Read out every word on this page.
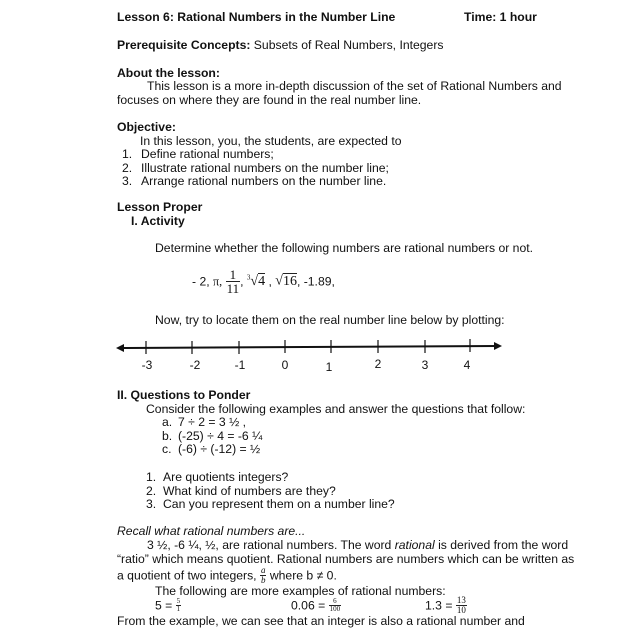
Lesson 6: Rational Numbers in the Number Line	Time: 1 hour
Prerequisite Concepts: Subsets of Real Numbers, Integers
About the lesson:
This lesson is a more in-depth discussion of the set of Rational Numbers and
focuses on where they are found in the real number line.
Objective:
In this lesson, you, the students, are expected to
1. Define rational numbers;
2. Illustrate rational numbers on the number line;
3. Arrange rational numbers on the number line.
Lesson Proper
I. Activity
Determine whether the following numbers are rational numbers or not.
- 2, π, $\frac{1}{11}$ , $^3$√4 , √16, -1.89,
Now, try to locate them on the real number line below by plotting:
-3	-2	-1	0	1	2	3	4
II. Questions to Ponder
Consider the following examples and answer the questions that follow:
a. 7 ÷ 2 = 3 ½ ,
b. (-25) ÷ 4 = -6 ¼
c. (-6) ÷ (-12) = ½
1. Are quotients integers?
2. What kind of numbers are they?
3. Can you represent them on a number line?
Recall what rational numbers are...
3 ½, -6 ¼, ½, are rational numbers. The word rational is derived from the word
“ratio” which means quotient. Rational numbers are numbers which can be written as
a quotient of two integers, $\frac{a}{b}$ where b ≠ 0.
The following are more examples of rational numbers:
$5 = \frac{5}{1}$	$0.06 = \frac{6}{100}$	$1.3 = \frac{13}{10}$
From the example, we can see that an integer is also a rational number and
